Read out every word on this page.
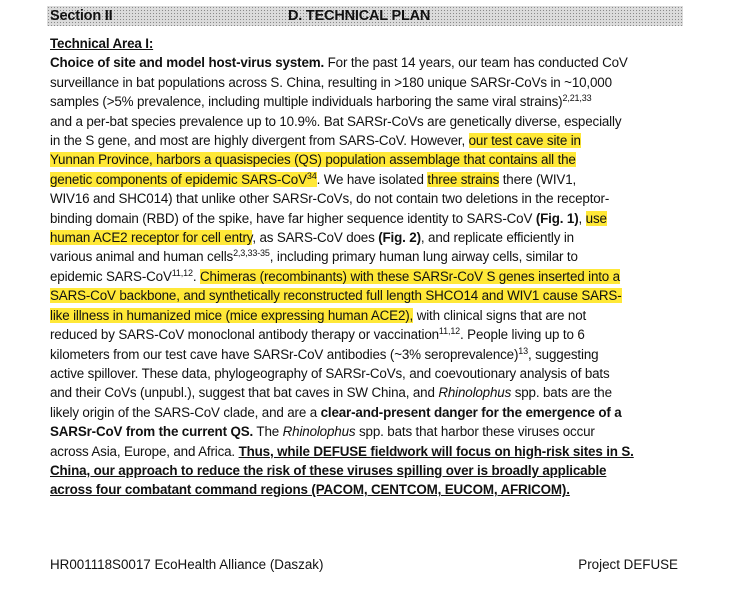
Section II	D. TECHNICAL PLAN
Technical Area I:
Choice of site and model host-virus system. For the past 14 years, our team has conducted CoV
surveillance in bat populations across S. China, resulting in >180 unique SARSr-CoVs in ~10,000
samples (>5% prevalence, including multiple individuals harboring the same viral strains)$^{2,21,33}$
and a per-bat species prevalence up to 10.9%. Bat SARSr-CoVs are genetically diverse, especially
in the S gene, and most are highly divergent from SARS-CoV. However, our test cave site in
Yunnan Province, harbors a quasispecies (QS) population assemblage that contains all the
genetic components of epidemic SARS-CoV$^{34}$. We have isolated three strains there (WIV1,
WIV16 and SHC014) that unlike other SARSr-CoVs, do not contain two deletions in the receptor-
binding domain (RBD) of the spike, have far higher sequence identity to SARS-CoV (Fig. 1), use
human ACE2 receptor for cell entry, as SARS-CoV does (Fig. 2), and replicate efficiently in
various animal and human cells$^{2,3,33-35}$, including primary human lung airway cells, similar to
epidemic SARS-CoV$^{11,12}$. Chimeras (recombinants) with these SARSr-CoV S genes inserted into a
SARS-CoV backbone, and synthetically reconstructed full length SHCO14 and WIV1 cause SARS-
like illness in humanized mice (mice expressing human ACE2), with clinical signs that are not
reduced by SARS-CoV monoclonal antibody therapy or vaccination$^{11,12}$. People living up to 6
kilometers from our test cave have SARSr-CoV antibodies (~3% seroprevalence)$^{13}$, suggesting
active spillover. These data, phylogeography of SARSr-CoVs, and coevoutionary analysis of bats
and their CoVs (unpubl.), suggest that bat caves in SW China, and Rhinolophus spp. bats are the
likely origin of the SARS-CoV clade, and are a clear-and-present danger for the emergence of a
SARSr-CoV from the current QS. The Rhinolophus spp. bats that harbor these viruses occur
across Asia, Europe, and Africa. Thus, while DEFUSE fieldwork will focus on high-risk sites in S.
China, our approach to reduce the risk of these viruses spilling over is broadly applicable
across four combatant command regions (PACOM, CENTCOM, EUCOM, AFRICOM).
HR001118S0017 EcoHealth Alliance (Daszak)	Project DEFUSE
